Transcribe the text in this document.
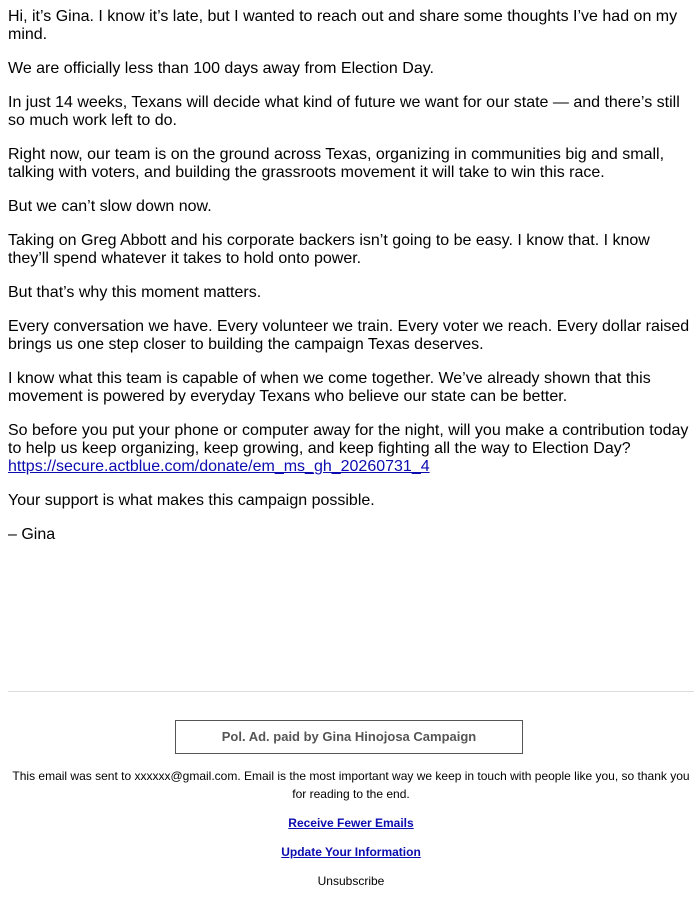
Hi, it’s Gina. I know it’s late, but I wanted to reach out and share some thoughts I’ve had on my mind.

We are officially less than 100 days away from Election Day.

In just 14 weeks, Texans will decide what kind of future we want for our state — and there’s still so much work left to do.

Right now, our team is on the ground across Texas, organizing in communities big and small, talking with voters, and building the grassroots movement it will take to win this race.

But we can’t slow down now.

Taking on Greg Abbott and his corporate backers isn’t going to be easy. I know that. I know they’ll spend whatever it takes to hold onto power.

But that’s why this moment matters.

Every conversation we have. Every volunteer we train. Every voter we reach. Every dollar raised brings us one step closer to building the campaign Texas deserves.

I know what this team is capable of when we come together. We’ve already shown that this movement is powered by everyday Texans who believe our state can be better.

So before you put your phone or computer away for the night, will you make a contribution today to help us keep organizing, keep growing, and keep fighting all the way to Election Day? https://secure.actblue.com/donate/em_ms_gh_20260731_4

Your support is what makes this campaign possible.

– Gina

Pol. Ad. paid by Gina Hinojosa Campaign
This email was sent to xxxxxx@gmail.com. Email is the most important way we keep in touch with people like you, so thank you for reading to the end.
Receive Fewer Emails
Update Your Information
Unsubscribe
